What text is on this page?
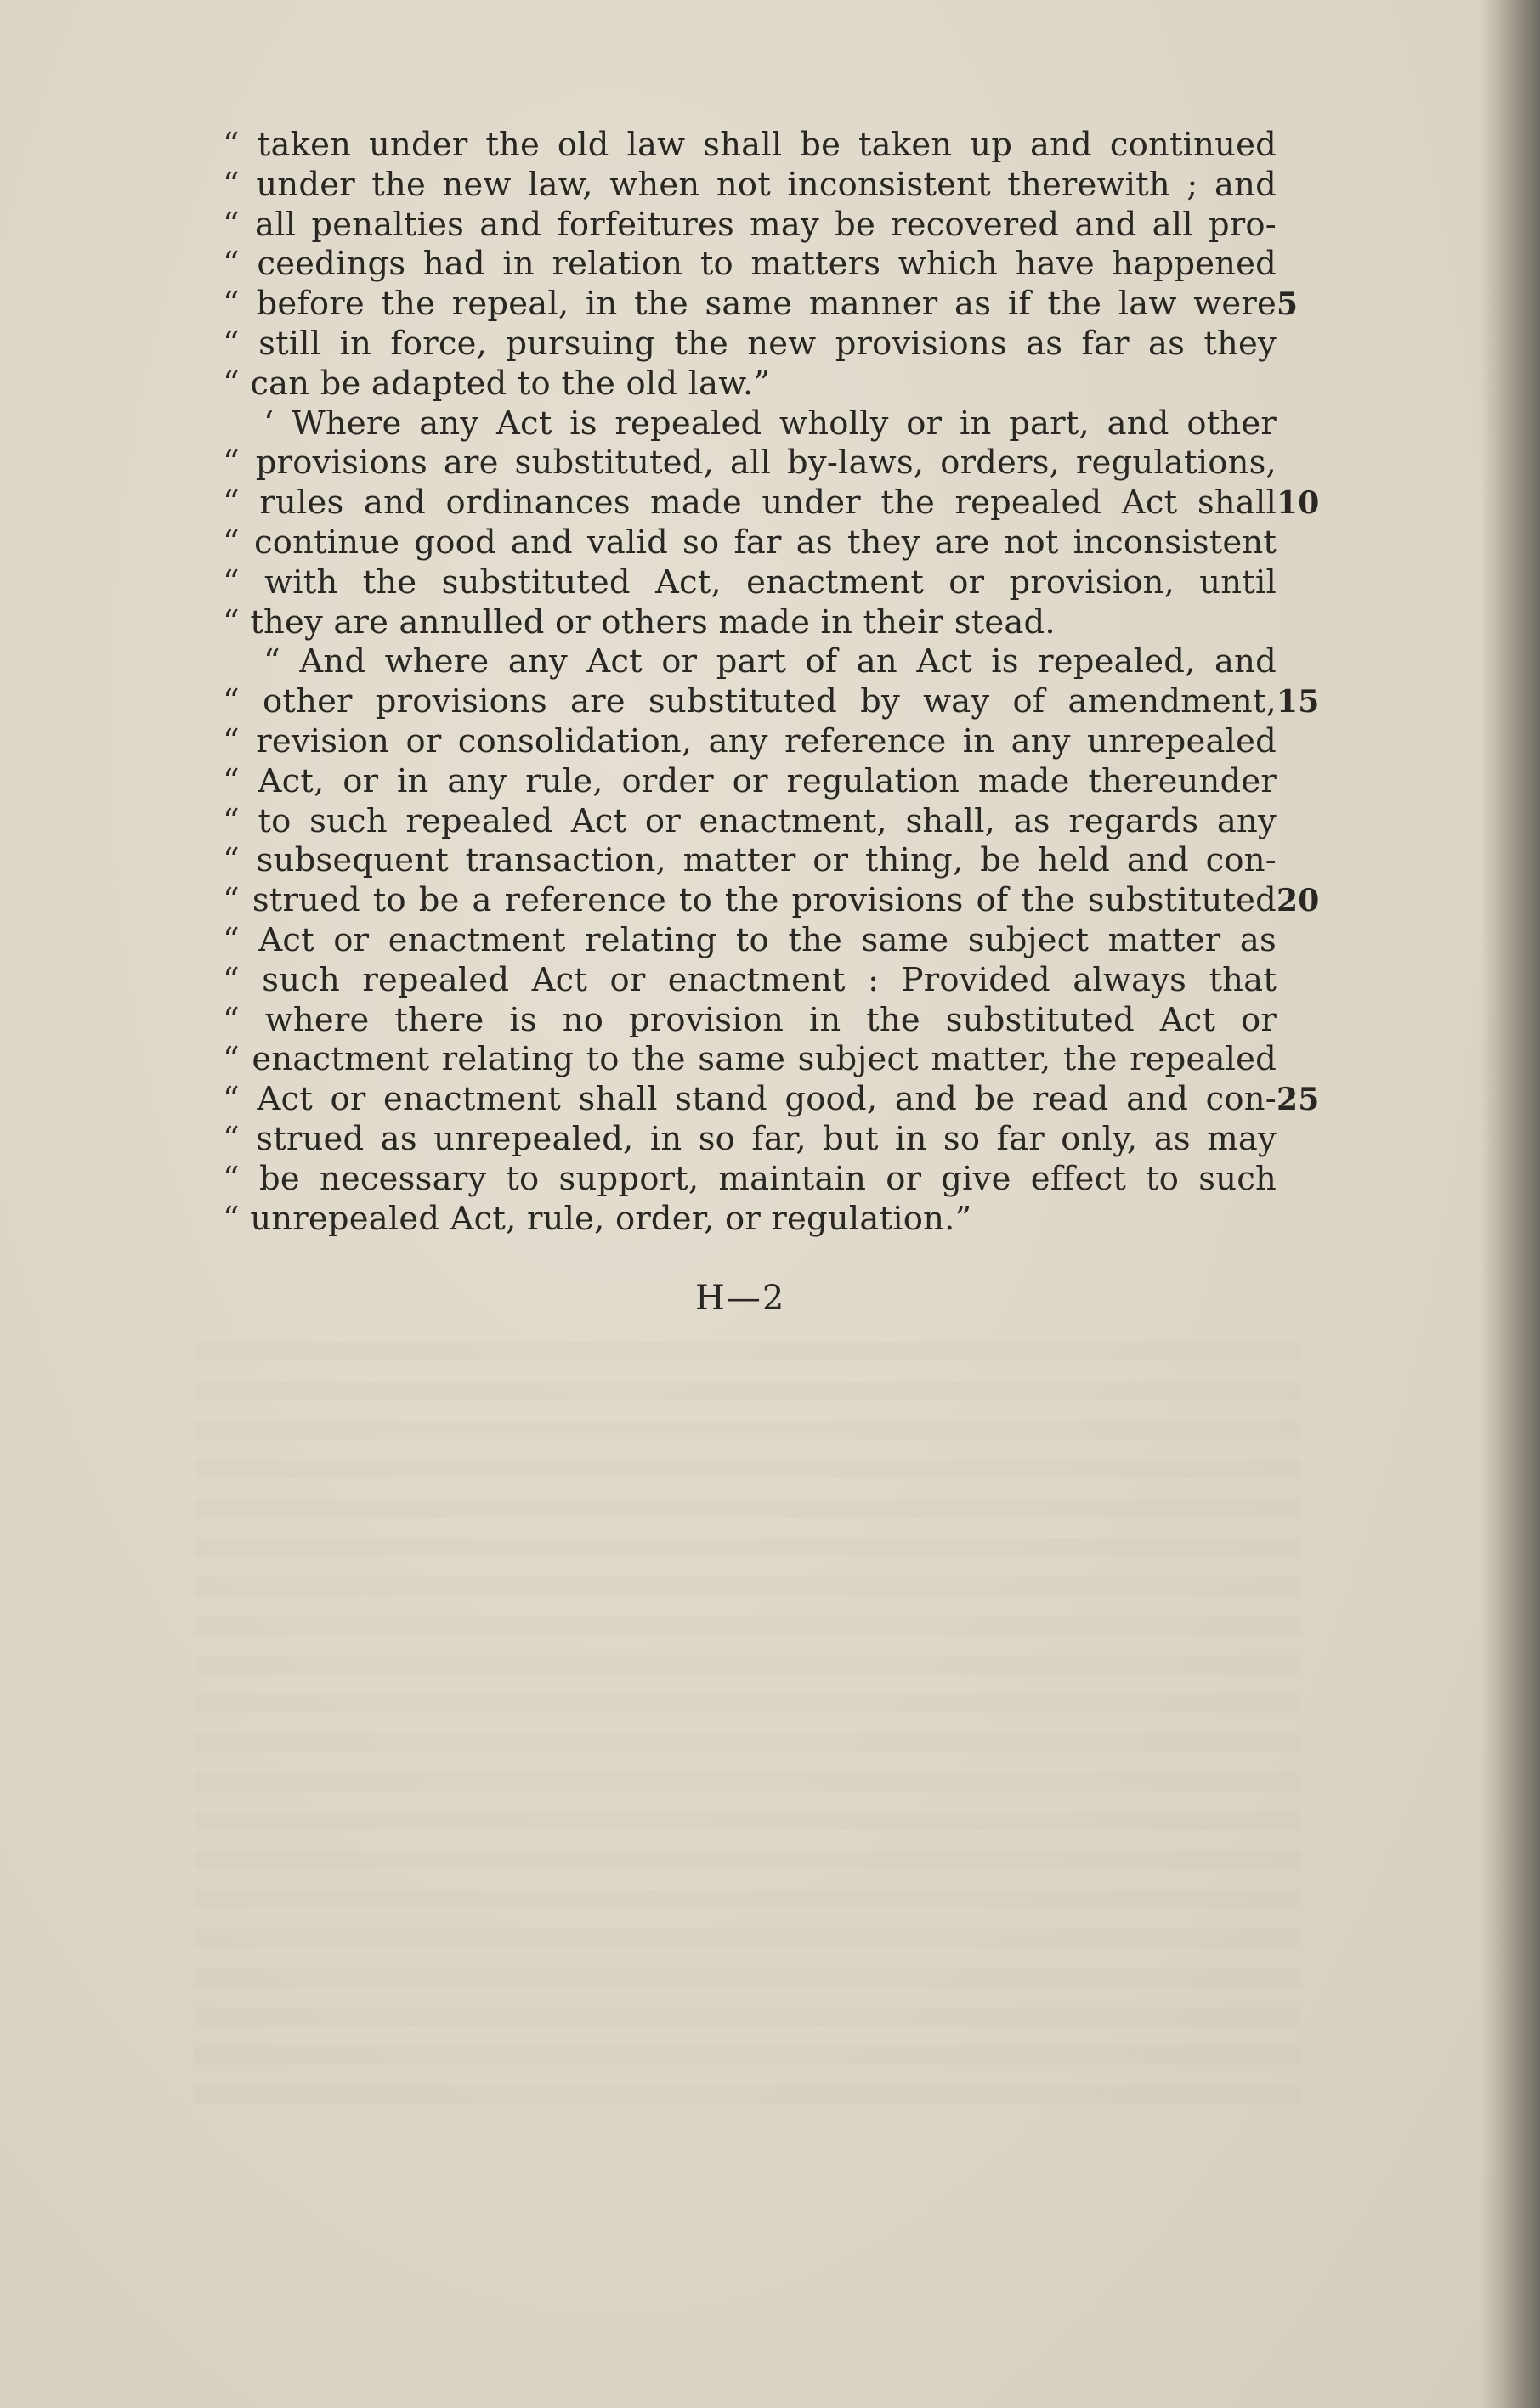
“ taken under the old law shall be taken up and continued
“ under the new law, when not inconsistent therewith ; and
“ all penalties and forfeitures may be recovered and all pro-
“ ceedings had in relation to matters which have happened
“ before the repeal, in the same manner as if the law were 5
“ still in force, pursuing the new provisions as far as they
“ can be adapted to the old law.”
‘ Where any Act is repealed wholly or in part, and other
“ provisions are substituted, all by-laws, orders, regulations,
“ rules and ordinances made under the repealed Act shall 10
“ continue good and valid so far as they are not inconsistent
“ with the substituted Act, enactment or provision, until
“ they are annulled or others made in their stead.
“ And where any Act or part of an Act is repealed, and
“ other provisions are substituted by way of amendment, 15
“ revision or consolidation, any reference in any unrepealed
“ Act, or in any rule, order or regulation made thereunder
“ to such repealed Act or enactment, shall, as regards any
“ subsequent transaction, matter or thing, be held and con-
“ strued to be a reference to the provisions of the substituted 20
“ Act or enactment relating to the same subject matter as
“ such repealed Act or enactment : Provided always that
“ where there is no provision in the substituted Act or
“ enactment relating to the same subject matter, the repealed
“ Act or enactment shall stand good, and be read and con- 25
“ strued as unrepealed, in so far, but in so far only, as may
“ be necessary to support, maintain or give effect to such
“ unrepealed Act, rule, order, or regulation.”
H—2
